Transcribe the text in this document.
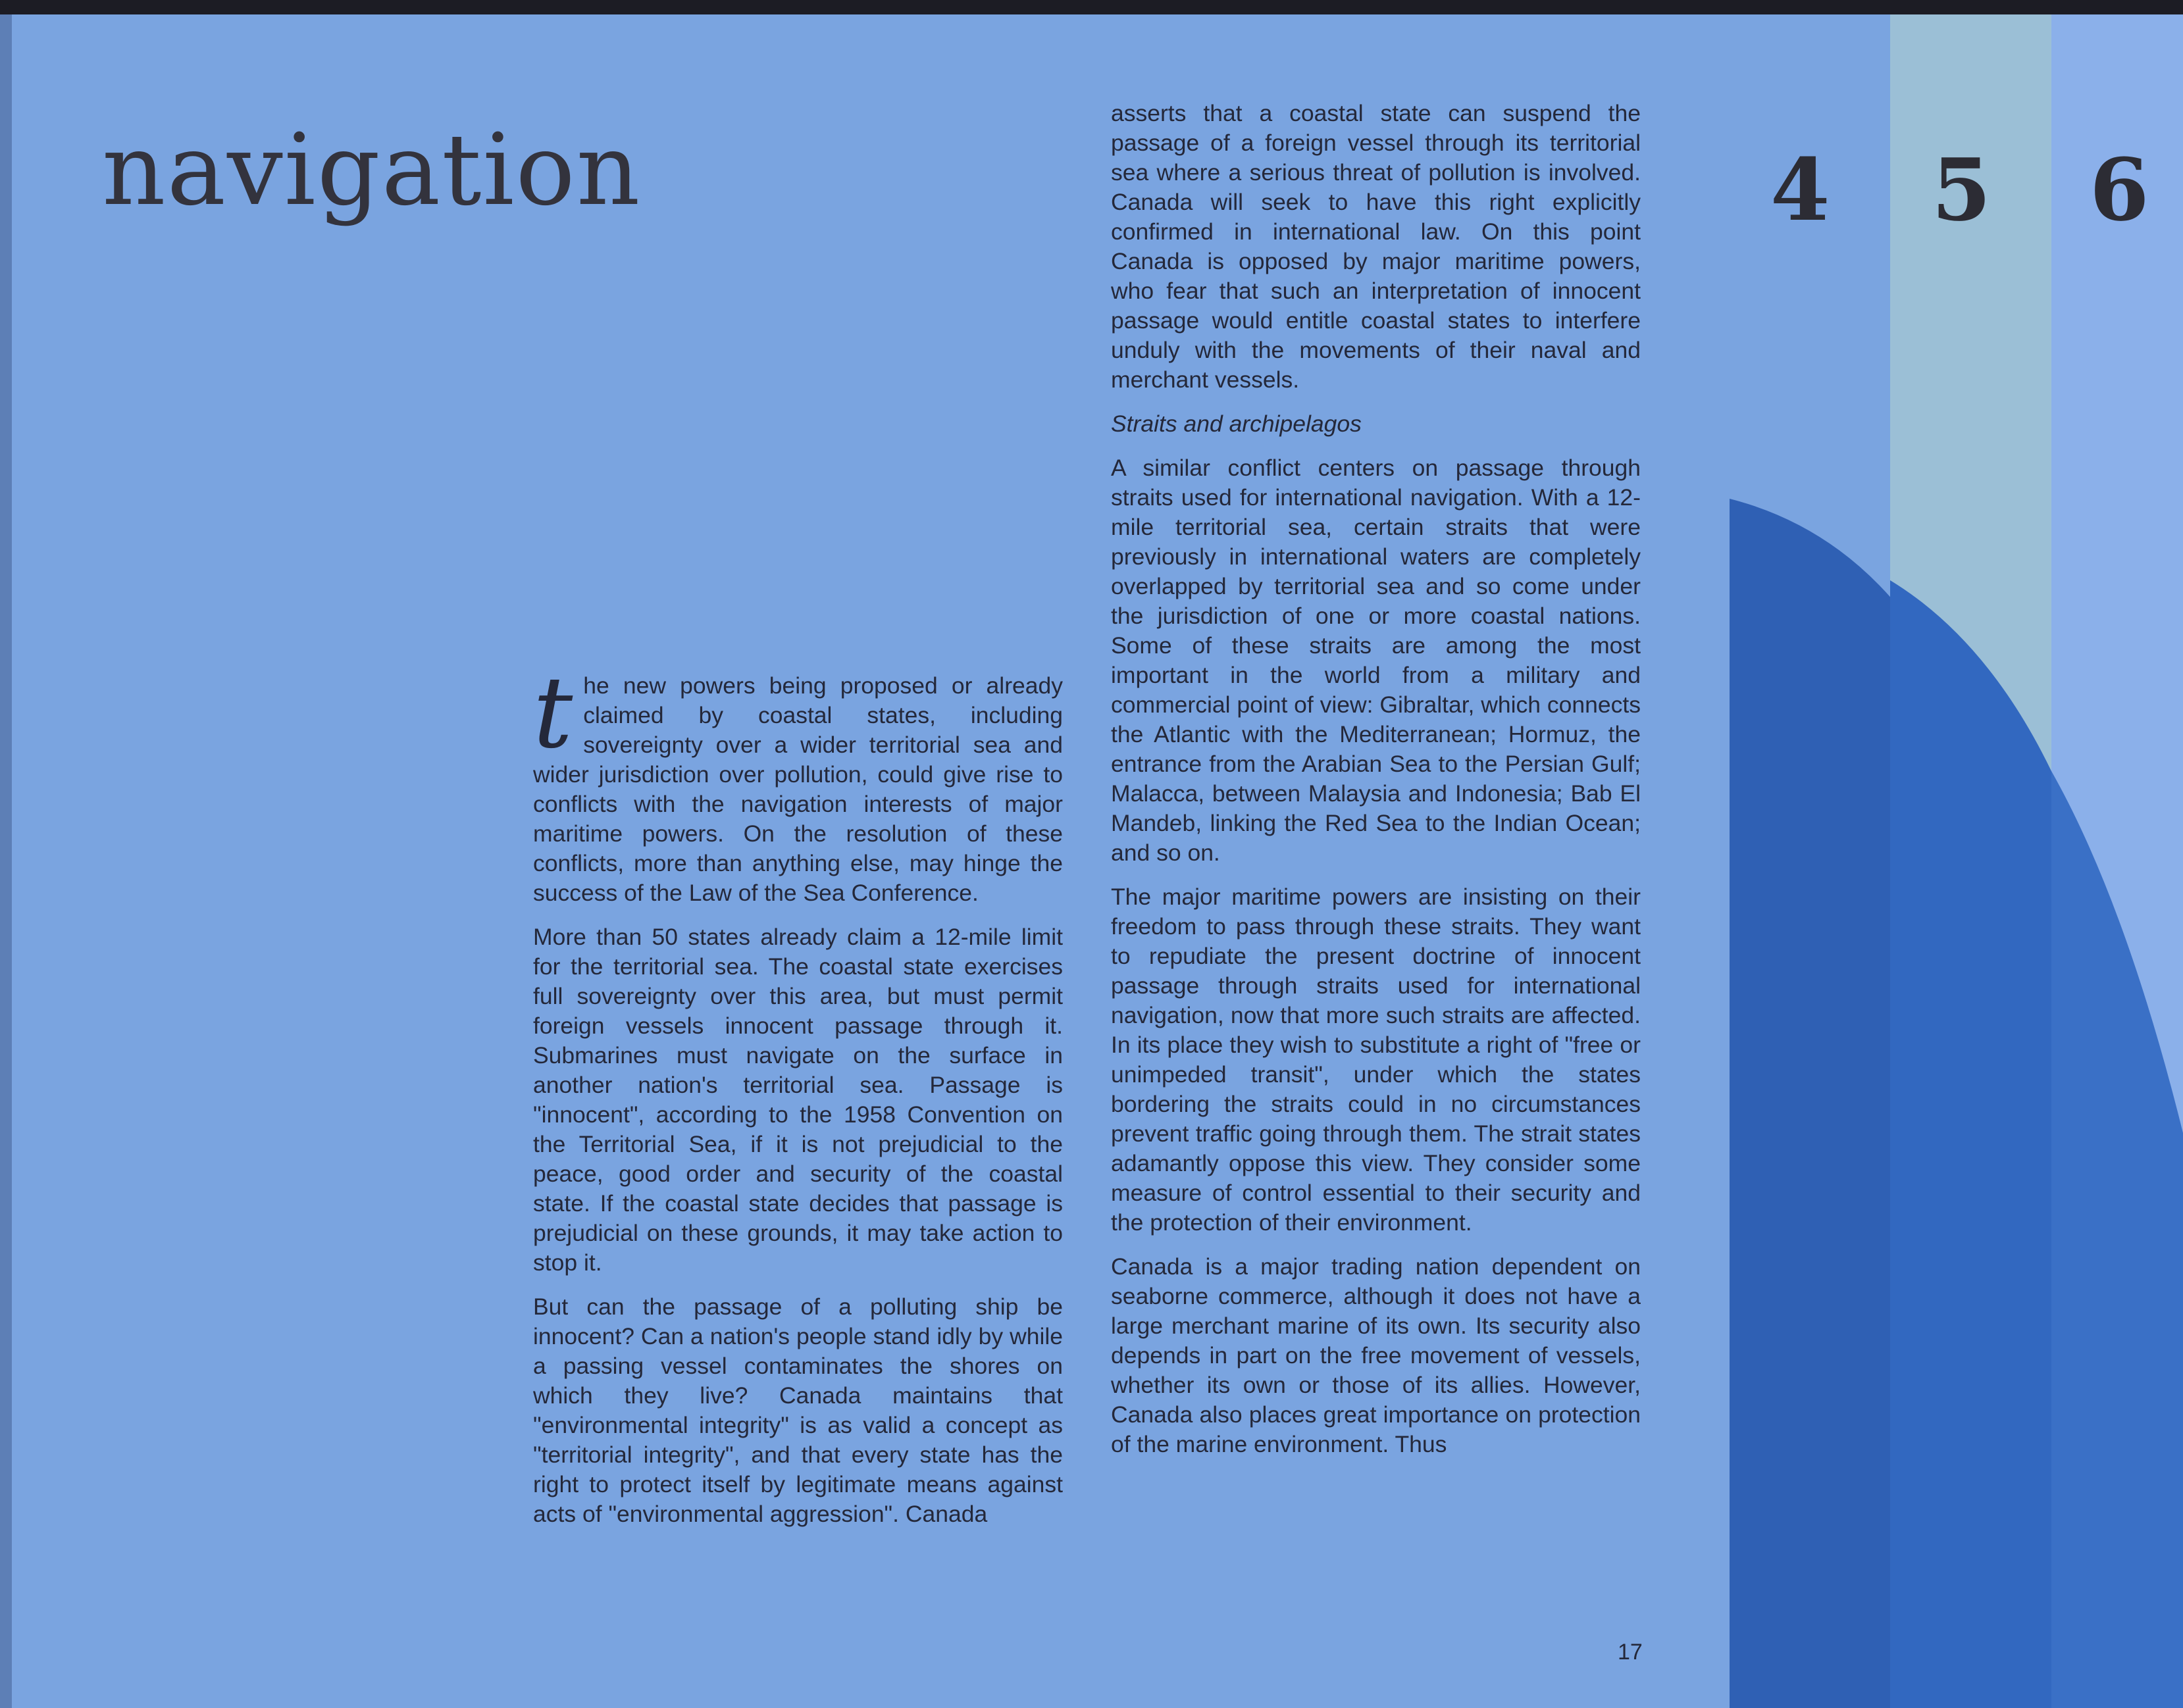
navigation	4 5 6

the new powers being proposed or already claimed by coastal states, including sovereignty over a wider territorial sea and wider jurisdiction over pollution, could give rise to conflicts with the navigation interests of major maritime powers. On the resolution of these conflicts, more than anything else, may hinge the success of the Law of the Sea Conference.

More than 50 states already claim a 12-mile limit for the territorial sea. The coastal state exercises full sovereignty over this area, but must permit foreign vessels innocent passage through it. Submarines must navigate on the surface in another nation's territorial sea. Passage is "innocent", according to the 1958 Convention on the Territorial Sea, if it is not prejudicial to the peace, good order and security of the coastal state. If the coastal state decides that passage is prejudicial on these grounds, it may take action to stop it.

But can the passage of a polluting ship be innocent? Can a nation's people stand idly by while a passing vessel contaminates the shores on which they live? Canada maintains that "environmental integrity" is as valid a concept as "territorial integrity", and that every state has the right to protect itself by legitimate means against acts of "environmental aggression". Canada

asserts that a coastal state can suspend the passage of a foreign vessel through its territorial sea where a serious threat of pollution is involved. Canada will seek to have this right explicitly confirmed in international law. On this point Canada is opposed by major maritime powers, who fear that such an interpretation of innocent passage would entitle coastal states to interfere unduly with the movements of their naval and merchant vessels.

Straits and archipelagos

A similar conflict centers on passage through straits used for international navigation. With a 12-mile territorial sea, certain straits that were previously in international waters are completely overlapped by territorial sea and so come under the jurisdiction of one or more coastal nations. Some of these straits are among the most important in the world from a military and commercial point of view: Gibraltar, which connects the Atlantic with the Mediterranean; Hormuz, the entrance from the Arabian Sea to the Persian Gulf; Malacca, between Malaysia and Indonesia; Bab El Mandeb, linking the Red Sea to the Indian Ocean; and so on.

The major maritime powers are insisting on their freedom to pass through these straits. They want to repudiate the present doctrine of innocent passage through straits used for international navigation, now that more such straits are affected. In its place they wish to substitute a right of "free or unimpeded transit", under which the states bordering the straits could in no circumstances prevent traffic going through them. The strait states adamantly oppose this view. They consider some measure of control essential to their security and the protection of their environment.

Canada is a major trading nation dependent on seaborne commerce, although it does not have a large merchant marine of its own. Its security also depends in part on the free movement of vessels, whether its own or those of its allies. However, Canada also places great importance on protection of the marine environment. Thus

17
